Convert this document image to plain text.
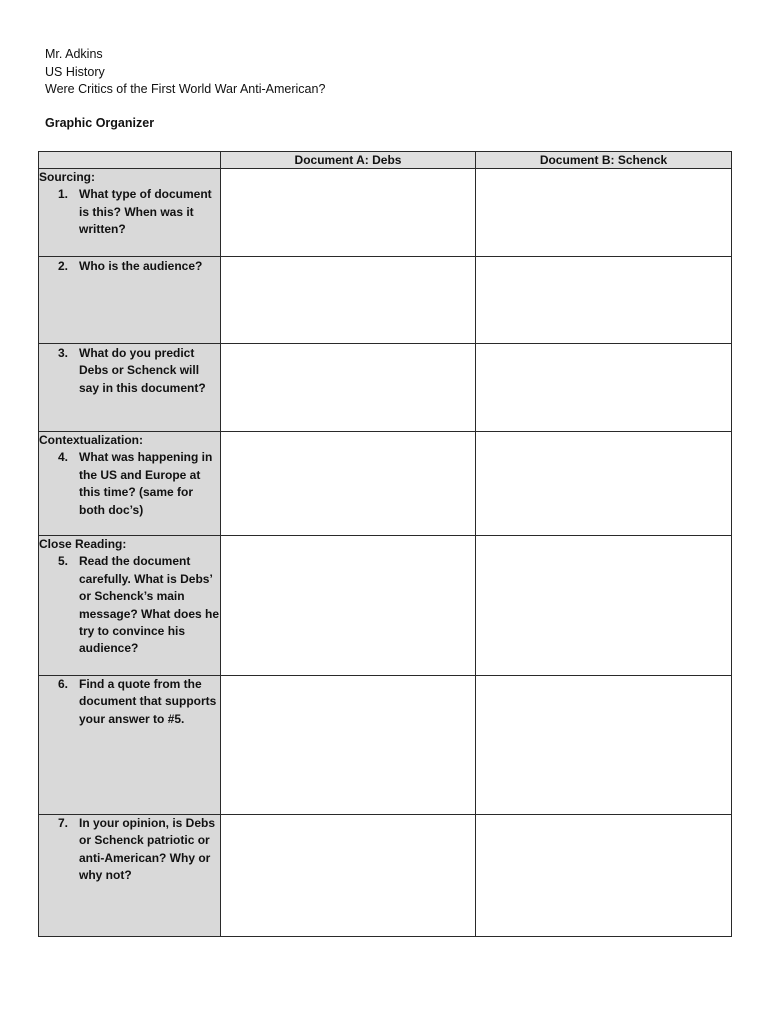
Mr. Adkins
US History
Were Critics of the First World War Anti-American?
Graphic Organizer
	Document A: Debs	Document B: Schenck

Sourcing:
1. What type of document is this? When was it written?		

2. Who is the audience?		

3. What do you predict Debs or Schenck will say in this document?		

Contextualization:
4. What was happening in the US and Europe at this time? (same for both doc’s)		

Close Reading:
5. Read the document carefully. What is Debs’ or Schenck’s main message? What does he try to convince his audience?		

6. Find a quote from the document that supports your answer to #5.		

7. In your opinion, is Debs or Schenck patriotic or anti-American? Why or why not?		
